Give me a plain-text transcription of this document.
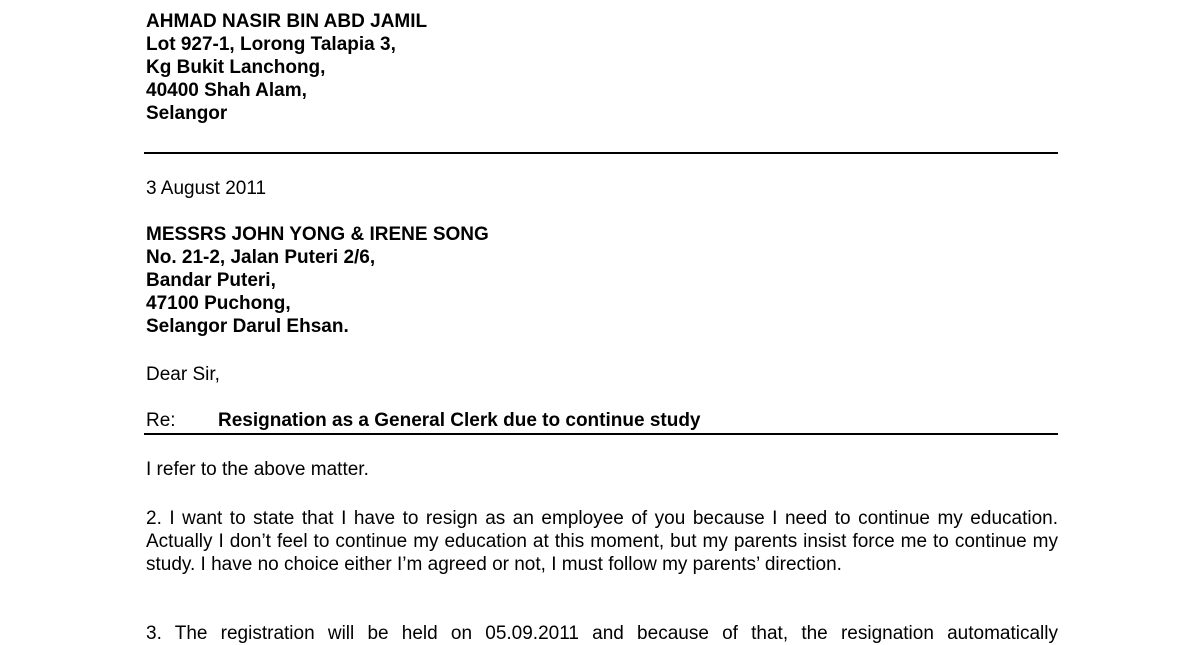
AHMAD NASIR BIN ABD JAMIL
Lot 927-1, Lorong Talapia 3,
Kg Bukit Lanchong,
40400 Shah Alam,
Selangor
3 August 2011
MESSRS JOHN YONG & IRENE SONG
No. 21-2, Jalan Puteri 2/6,
Bandar Puteri,
47100 Puchong,
Selangor Darul Ehsan.
Dear Sir,
Re: Resignation as a General Clerk due to continue study
I refer to the above matter.
2. I want to state that I have to resign as an employee of you because I need to continue my education. Actually I don’t feel to continue my education at this moment, but my parents insist force me to continue my study. I have no choice either I’m agreed or not, I must follow my parents’ direction.
3. The registration will be held on 05.09.2011 and because of that, the resignation automatically
